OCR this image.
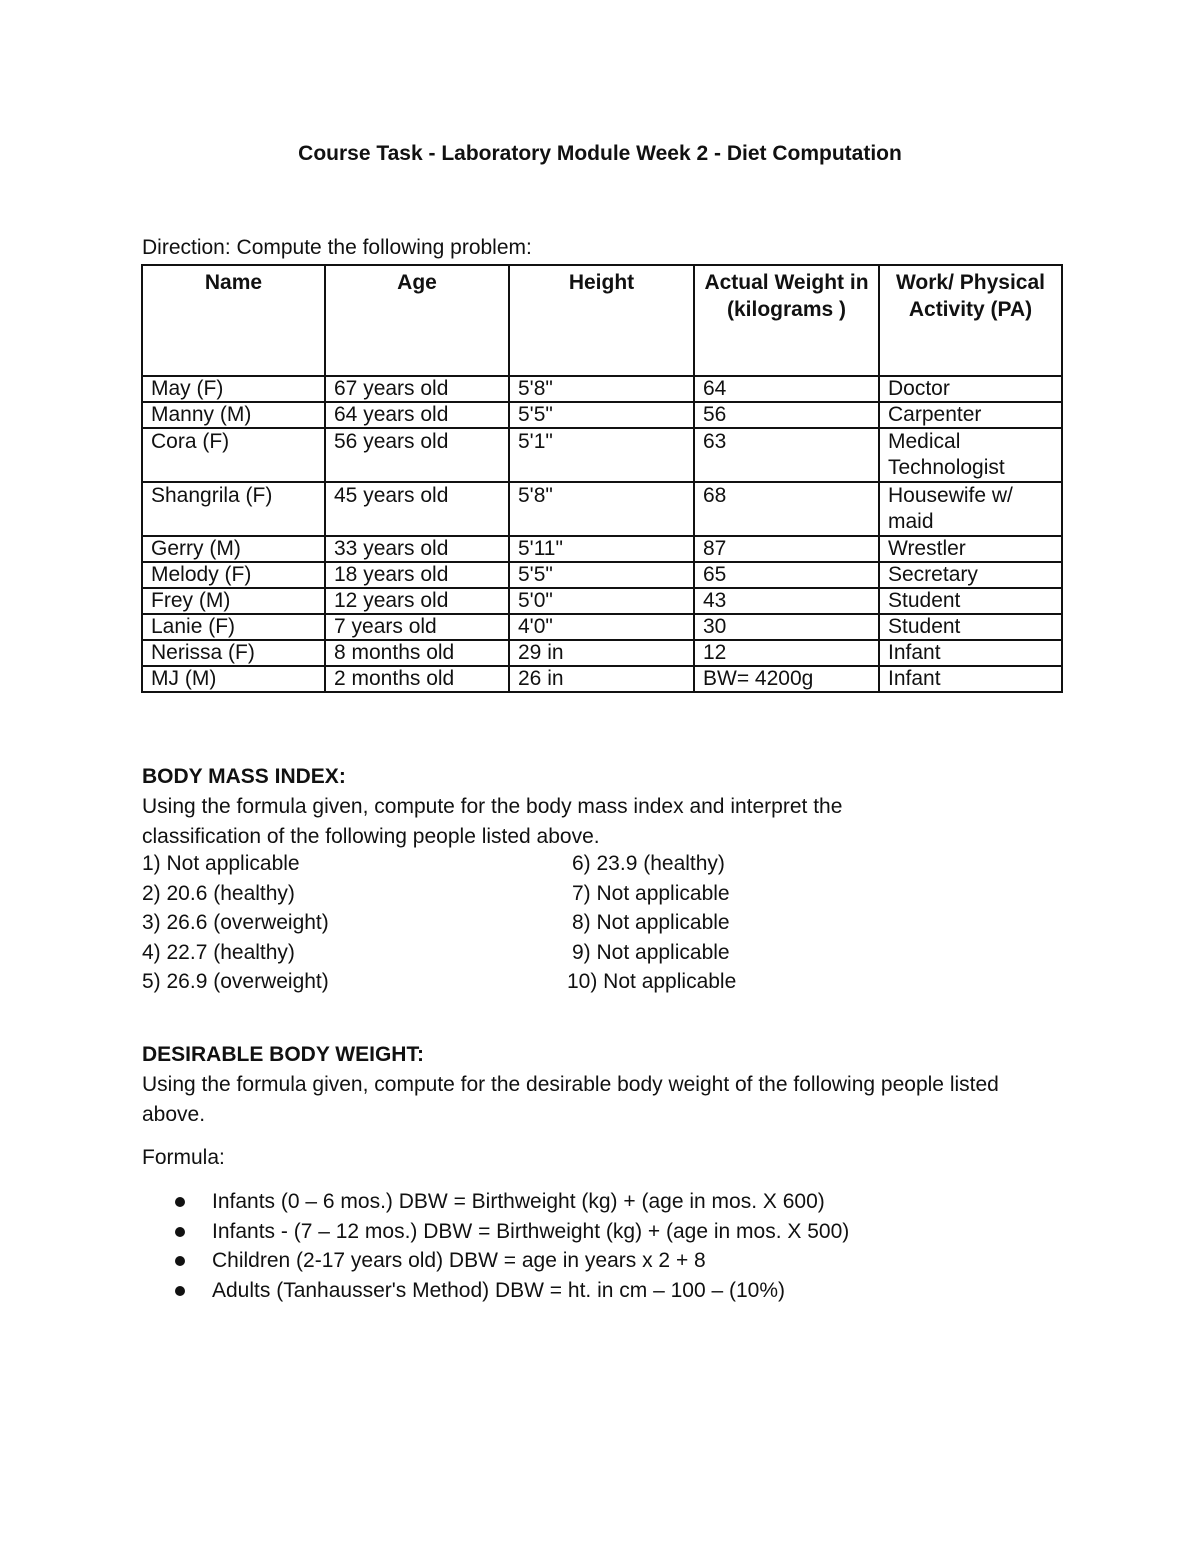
Course Task - Laboratory Module Week 2 - Diet Computation
Direction: Compute the following problem:
Name	Age	Height	Actual Weight in (kilograms )	Work/ Physical Activity (PA)
May (F)	67 years old	5'8"	64	Doctor
Manny (M)	64 years old	5'5"	56	Carpenter
Cora (F)	56 years old	5'1"	63	Medical Technologist
Shangrila (F)	45 years old	5'8"	68	Housewife w/ maid
Gerry (M)	33 years old	5'11"	87	Wrestler
Melody (F)	18 years old	5'5"	65	Secretary
Frey (M)	12 years old	5'0"	43	Student
Lanie (F)	7 years old	4'0"	30	Student
Nerissa (F)	8 months old	29 in	12	Infant
MJ (M)	2 months old	26 in	BW= 4200g	Infant
BODY MASS INDEX:
Using the formula given, compute for the body mass index and interpret the classification of the following people listed above.
1) Not applicable
2) 20.6 (healthy)
3) 26.6 (overweight)
4) 22.7 (healthy)
5) 26.9 (overweight)
6) 23.9 (healthy)
7) Not applicable
8) Not applicable
9) Not applicable
10) Not applicable
DESIRABLE BODY WEIGHT:
Using the formula given, compute for the desirable body weight of the following people listed above.
Formula:
Infants (0 – 6 mos.) DBW = Birthweight (kg) + (age in mos. X 600)
Infants - (7 – 12 mos.) DBW = Birthweight (kg) + (age in mos. X 500)
Children (2-17 years old) DBW = age in years x 2 + 8
Adults (Tanhausser's Method) DBW = ht. in cm – 100 – (10%)
